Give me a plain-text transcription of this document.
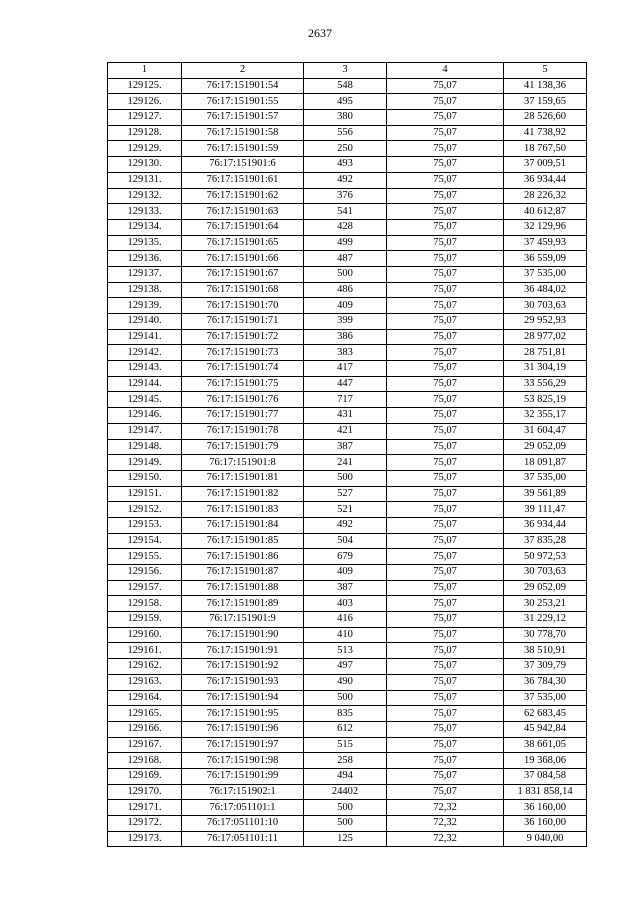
2637
1	2	3	4	5
129125.	76:17:151901:54	548	75,07	41 138,36
129126.	76:17:151901:55	495	75,07	37 159,65
129127.	76:17:151901:57	380	75,07	28 526,60
129128.	76:17:151901:58	556	75,07	41 738,92
129129.	76:17:151901:59	250	75,07	18 767,50
129130.	76:17:151901:6	493	75,07	37 009,51
129131.	76:17:151901:61	492	75,07	36 934,44
129132.	76:17:151901:62	376	75,07	28 226,32
129133.	76:17:151901:63	541	75,07	40 612,87
129134.	76:17:151901:64	428	75,07	32 129,96
129135.	76:17:151901:65	499	75,07	37 459,93
129136.	76:17:151901:66	487	75,07	36 559,09
129137.	76:17:151901:67	500	75,07	37 535,00
129138.	76:17:151901:68	486	75,07	36 484,02
129139.	76:17:151901:70	409	75,07	30 703,63
129140.	76:17:151901:71	399	75,07	29 952,93
129141.	76:17:151901:72	386	75,07	28 977,02
129142.	76:17:151901:73	383	75,07	28 751,81
129143.	76:17:151901:74	417	75,07	31 304,19
129144.	76:17:151901:75	447	75,07	33 556,29
129145.	76:17:151901:76	717	75,07	53 825,19
129146.	76:17:151901:77	431	75,07	32 355,17
129147.	76:17:151901:78	421	75,07	31 604,47
129148.	76:17:151901:79	387	75,07	29 052,09
129149.	76:17:151901:8	241	75,07	18 091,87
129150.	76:17:151901:81	500	75,07	37 535,00
129151.	76:17:151901:82	527	75,07	39 561,89
129152.	76:17:151901:83	521	75,07	39 111,47
129153.	76:17:151901:84	492	75,07	36 934,44
129154.	76:17:151901:85	504	75,07	37 835,28
129155.	76:17:151901:86	679	75,07	50 972,53
129156.	76:17:151901:87	409	75,07	30 703,63
129157.	76:17:151901:88	387	75,07	29 052,09
129158.	76:17:151901:89	403	75,07	30 253,21
129159.	76:17:151901:9	416	75,07	31 229,12
129160.	76:17:151901:90	410	75,07	30 778,70
129161.	76:17:151901:91	513	75,07	38 510,91
129162.	76:17:151901:92	497	75,07	37 309,79
129163.	76:17:151901:93	490	75,07	36 784,30
129164.	76:17:151901:94	500	75,07	37 535,00
129165.	76:17:151901:95	835	75,07	62 683,45
129166.	76:17:151901:96	612	75,07	45 942,84
129167.	76:17:151901:97	515	75,07	38 661,05
129168.	76:17:151901:98	258	75,07	19 368,06
129169.	76:17:151901:99	494	75,07	37 084,58
129170.	76:17:151902:1	24402	75,07	1 831 858,14
129171.	76:17:051101:1	500	72,32	36 160,00
129172.	76:17:051101:10	500	72,32	36 160,00
129173.	76:17:051101:11	125	72,32	9 040,00
